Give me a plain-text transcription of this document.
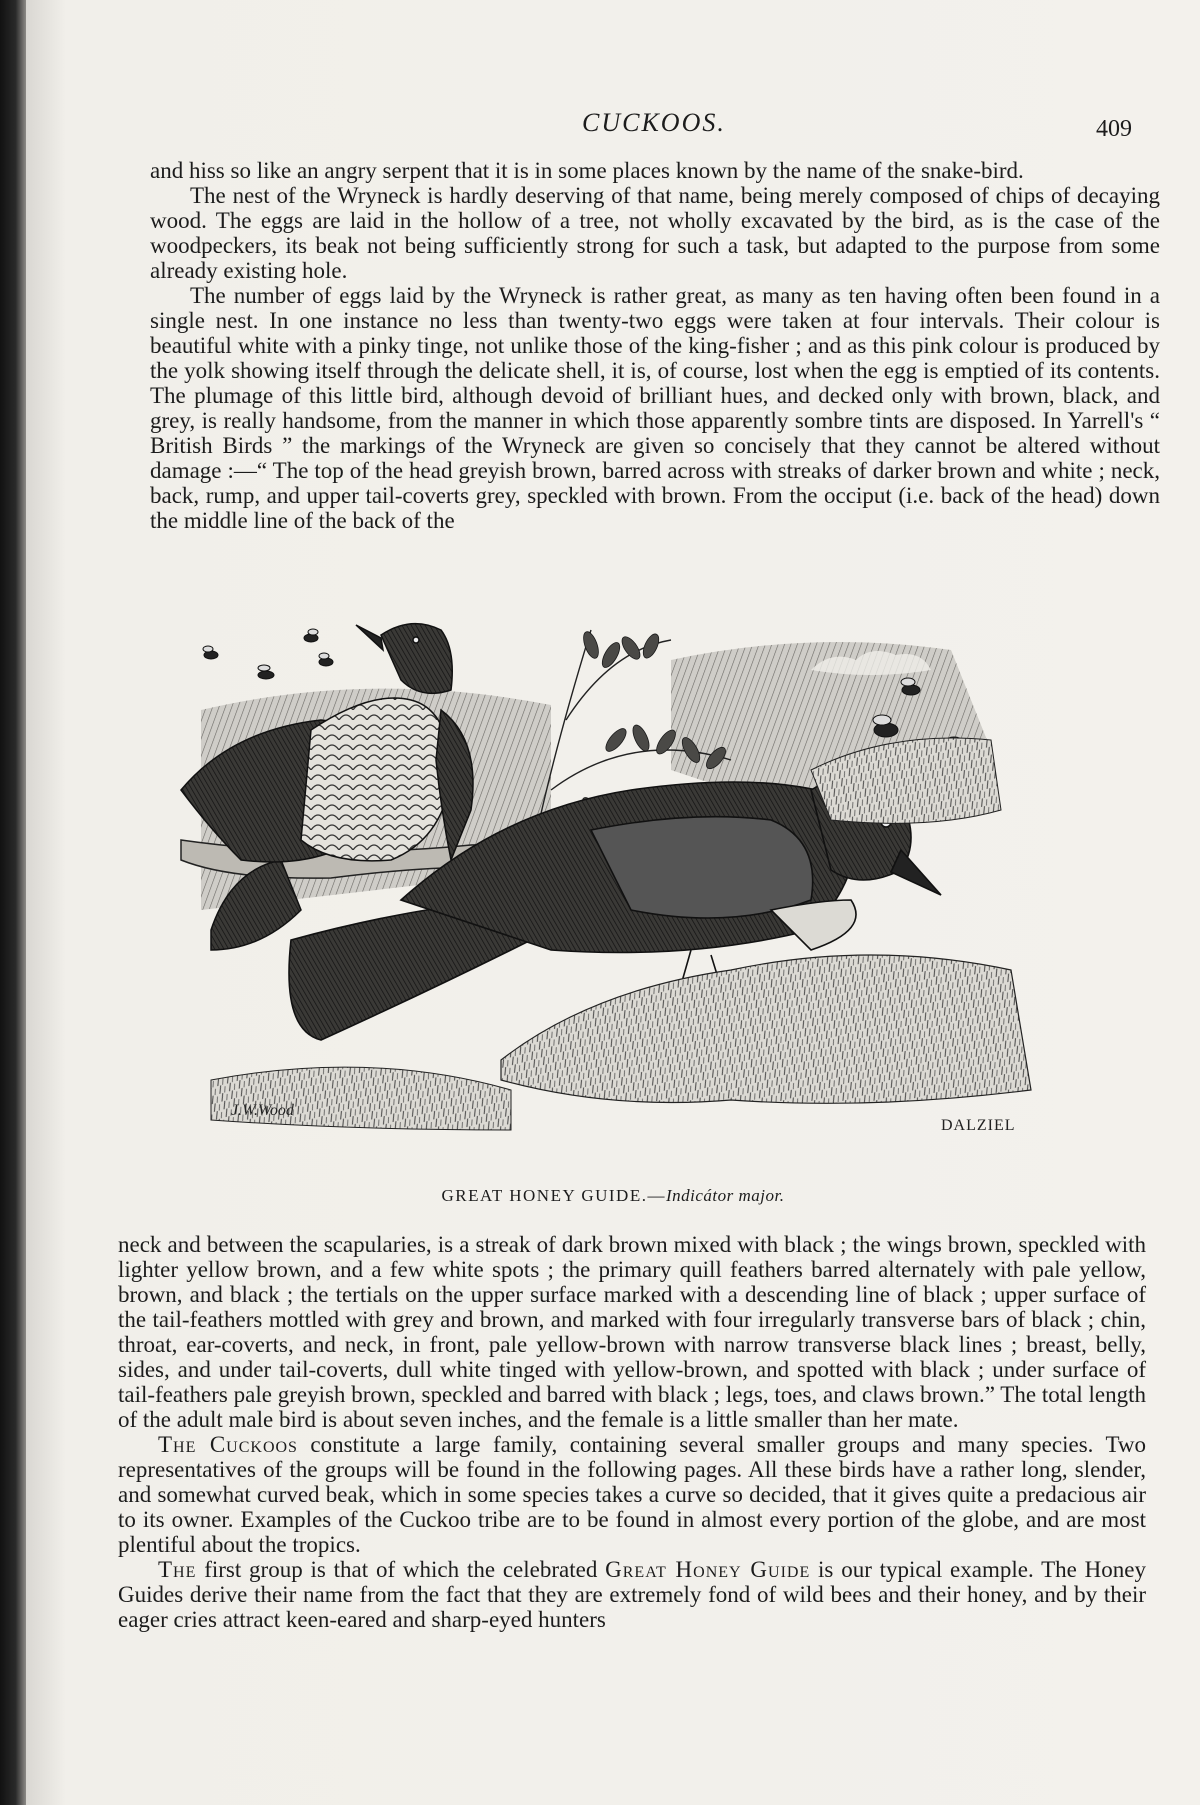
CUCKOOS.	409

and hiss so like an angry serpent that it is in some places known by the name of the snake-bird.

The nest of the Wryneck is hardly deserving of that name, being merely composed of chips of decaying wood. The eggs are laid in the hollow of a tree, not wholly excavated by the bird, as is the case of the woodpeckers, its beak not being sufficiently strong for such a task, but adapted to the purpose from some already existing hole.

The number of eggs laid by the Wryneck is rather great, as many as ten having often been found in a single nest. In one instance no less than twenty-two eggs were taken at four intervals. Their colour is beautiful white with a pinky tinge, not unlike those of the king-fisher ; and as this pink colour is produced by the yolk showing itself through the delicate shell, it is, of course, lost when the egg is emptied of its contents. The plumage of this little bird, although devoid of brilliant hues, and decked only with brown, black, and grey, is really handsome, from the manner in which those apparently sombre tints are disposed. In Yarrell's “ British Birds ” the markings of the Wryneck are given so concisely that they cannot be altered without damage :—“ The top of the head greyish brown, barred across with streaks of darker brown and white ; neck, back, rump, and upper tail-coverts grey, speckled with brown. From the occiput (i.e. back of the head) down the middle line of the back of the

J.W.Wood
DALZIEL
GREAT HONEY GUIDE.—Indicátor major.

neck and between the scapularies, is a streak of dark brown mixed with black ; the wings brown, speckled with lighter yellow brown, and a few white spots ; the primary quill feathers barred alternately with pale yellow, brown, and black ; the tertials on the upper surface marked with a descending line of black ; upper surface of the tail-feathers mottled with grey and brown, and marked with four irregularly transverse bars of black ; chin, throat, ear-coverts, and neck, in front, pale yellow-brown with narrow transverse black lines ; breast, belly, sides, and under tail-coverts, dull white tinged with yellow-brown, and spotted with black ; under surface of tail-feathers pale greyish brown, speckled and barred with black ; legs, toes, and claws brown.” The total length of the adult male bird is about seven inches, and the female is a little smaller than her mate.

The Cuckoos constitute a large family, containing several smaller groups and many species. Two representatives of the groups will be found in the following pages. All these birds have a rather long, slender, and somewhat curved beak, which in some species takes a curve so decided, that it gives quite a predacious air to its owner. Examples of the Cuckoo tribe are to be found in almost every portion of the globe, and are most plentiful about the tropics.

The first group is that of which the celebrated Great Honey Guide is our typical example. The Honey Guides derive their name from the fact that they are extremely fond of wild bees and their honey, and by their eager cries attract keen-eared and sharp-eyed hunters
